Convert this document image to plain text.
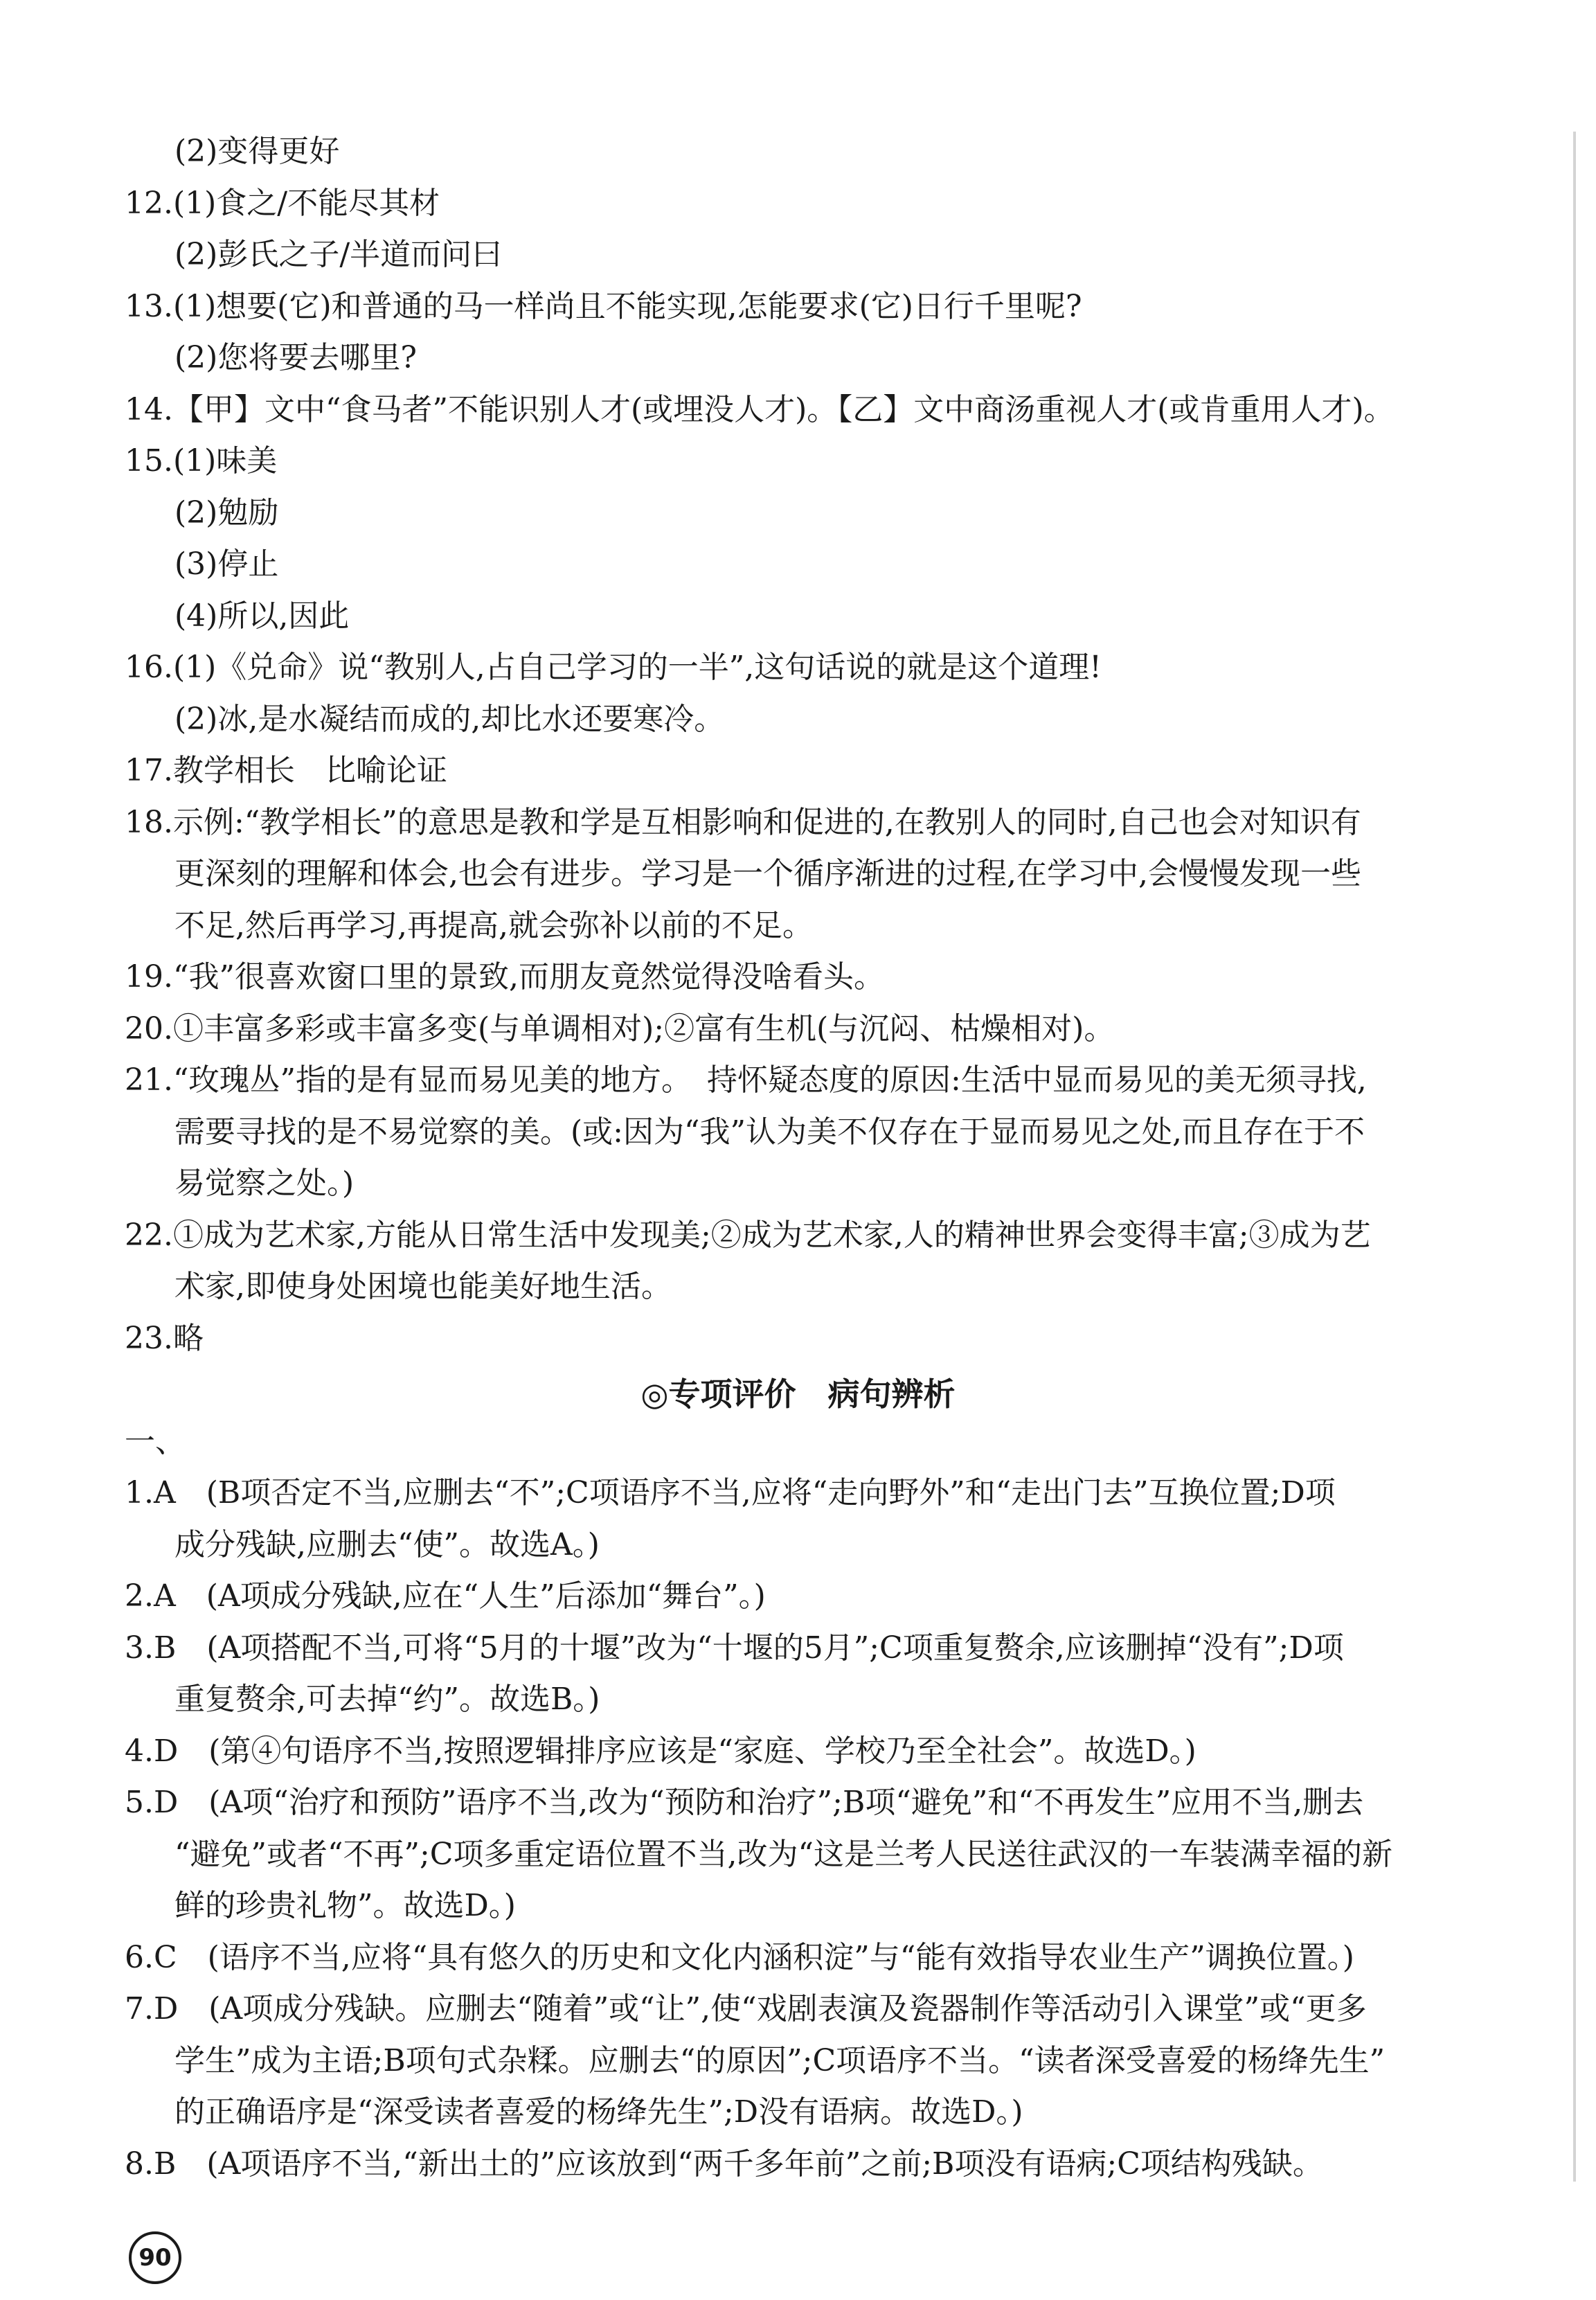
(2)变得更好
12.(1)食之/不能尽其材
(2)彭氏之子/半道而问曰
13.(1)想要(它)和普通的马一样尚且不能实现,怎能要求(它)日行千里呢?
(2)您将要去哪里?
14.【甲】文中“食马者”不能识别人才(或埋没人才)。【乙】文中商汤重视人才(或肯重用人才)。
15.(1)味美
(2)勉励
(3)停止
(4)所以,因此
16.(1)《兑命》说“教别人,占自己学习的一半”,这句话说的就是这个道理!
(2)冰,是水凝结而成的,却比水还要寒冷。
17.教学相长　比喻论证
18.示例:“教学相长”的意思是教和学是互相影响和促进的,在教别人的同时,自己也会对知识有
更深刻的理解和体会,也会有进步。学习是一个循序渐进的过程,在学习中,会慢慢发现一些
不足,然后再学习,再提高,就会弥补以前的不足。
19.“我”很喜欢窗口里的景致,而朋友竟然觉得没啥看头。
20.①丰富多彩或丰富多变(与单调相对);②富有生机(与沉闷、枯燥相对)。
21.“玫瑰丛”指的是有显而易见美的地方。　持怀疑态度的原因:生活中显而易见的美无须寻找,
需要寻找的是不易觉察的美。(或:因为“我”认为美不仅存在于显而易见之处,而且存在于不
易觉察之处。)
22.①成为艺术家,方能从日常生活中发现美;②成为艺术家,人的精神世界会变得丰富;③成为艺
术家,即使身处困境也能美好地生活。
23.略
◎专项评价　病句辨析
一、
1.A　(B项否定不当,应删去“不”;C项语序不当,应将“走向野外”和“走出门去”互换位置;D项
成分残缺,应删去“使”。故选A。)
2.A　(A项成分残缺,应在“人生”后添加“舞台”。)
3.B　(A项搭配不当,可将“5月的十堰”改为“十堰的5月”;C项重复赘余,应该删掉“没有”;D项
重复赘余,可去掉“约”。故选B。)
4.D　(第④句语序不当,按照逻辑排序应该是“家庭、学校乃至全社会”。故选D。)
5.D　(A项“治疗和预防”语序不当,改为“预防和治疗”;B项“避免”和“不再发生”应用不当,删去
“避免”或者“不再”;C项多重定语位置不当,改为“这是兰考人民送往武汉的一车装满幸福的新
鲜的珍贵礼物”。故选D。)
6.C　(语序不当,应将“具有悠久的历史和文化内涵积淀”与“能有效指导农业生产”调换位置。)
7.D　(A项成分残缺。应删去“随着”或“让”,使“戏剧表演及瓷器制作等活动引入课堂”或“更多
学生”成为主语;B项句式杂糅。应删去“的原因”;C项语序不当。“读者深受喜爱的杨绛先生”
的正确语序是“深受读者喜爱的杨绛先生”;D没有语病。故选D。)
8.B　(A项语序不当,“新出土的”应该放到“两千多年前”之前;B项没有语病;C项结构残缺。
90
